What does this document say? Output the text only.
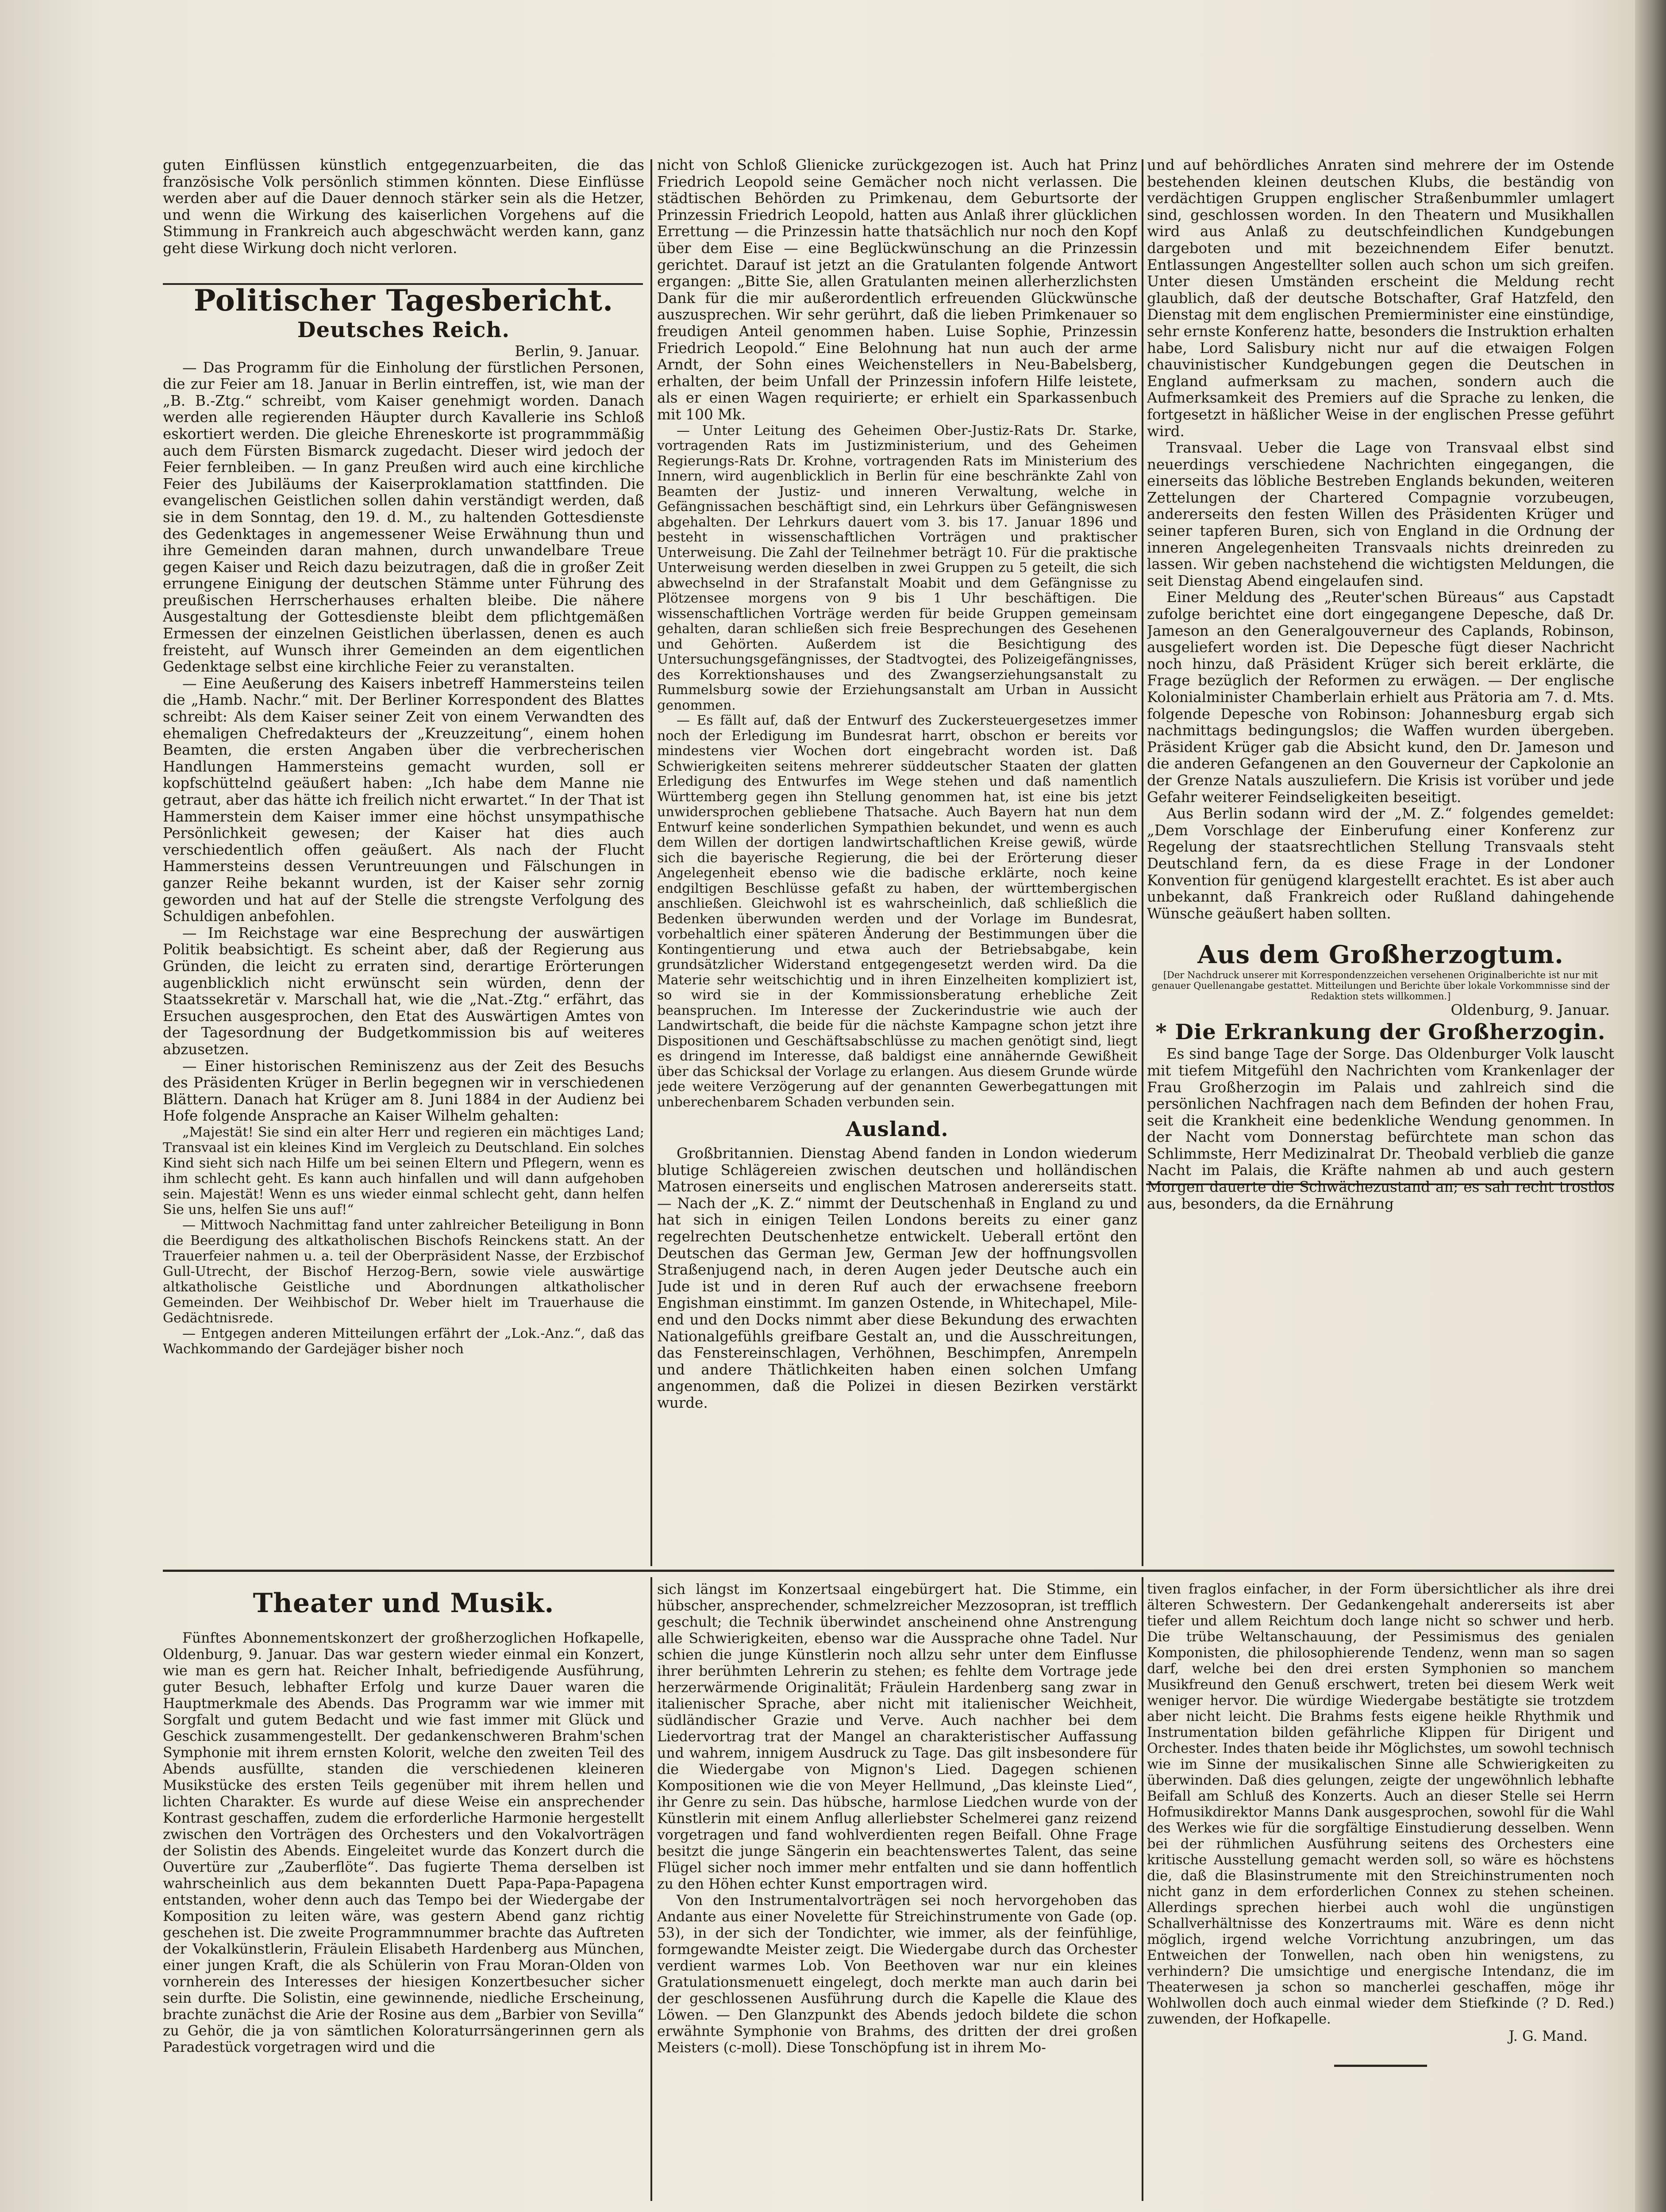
guten Einflüssen künstlich entgegenzuarbeiten, die das französische Volk persönlich stimmen könnten. Diese Einflüsse werden aber auf die Dauer dennoch stärker sein als die Hetzer, und wenn die Wirkung des kaiserlichen Vorgehens auf die Stimmung in Frankreich auch abgeschwächt werden kann, ganz geht diese Wirkung doch nicht verloren.

Politischer Tagesbericht.
Deutsches Reich.

Berlin, 9. Januar.

— Das Programm für die Einholung der fürstlichen Personen, die zur Feier am 18. Januar in Berlin eintreffen, ist, wie man der „B. B.-Ztg.“ schreibt, vom Kaiser genehmigt worden. Danach werden alle regierenden Häupter durch Kavallerie ins Schloß eskortiert werden. Die gleiche Ehreneskorte ist programmmäßig auch dem Fürsten Bismarck zugedacht. Dieser wird jedoch der Feier fernbleiben. — In ganz Preußen wird auch eine kirchliche Feier des Jubiläums der Kaiserproklamation stattfinden. Die evangelischen Geistlichen sollen dahin verständigt werden, daß sie in dem Sonntag, den 19. d. M., zu haltenden Gottesdienste des Gedenktages in angemessener Weise Erwähnung thun und ihre Gemeinden daran mahnen, durch unwandelbare Treue gegen Kaiser und Reich dazu beizutragen, daß die in großer Zeit errungene Einigung der deutschen Stämme unter Führung des preußischen Herrscherhauses erhalten bleibe. Die nähere Ausgestaltung der Gottesdienste bleibt dem pflichtgemäßen Ermessen der einzelnen Geistlichen überlassen, denen es auch freisteht, auf Wunsch ihrer Gemeinden an dem eigentlichen Gedenktage selbst eine kirchliche Feier zu veranstalten.

— Eine Aeußerung des Kaisers inbetreff Hammersteins teilen die „Hamb. Nachr.“ mit. Der Berliner Korrespondent des Blattes schreibt: Als dem Kaiser seiner Zeit von einem Verwandten des ehemaligen Chefredakteurs der „Kreuzzeitung“, einem hohen Beamten, die ersten Angaben über die verbrecherischen Handlungen Hammersteins gemacht wurden, soll er kopfschüttelnd geäußert haben: „Ich habe dem Manne nie getraut, aber das hätte ich freilich nicht erwartet.“ In der That ist Hammerstein dem Kaiser immer eine höchst unsympathische Persönlichkeit gewesen; der Kaiser hat dies auch verschiedentlich offen geäußert. Als nach der Flucht Hammersteins dessen Veruntreuungen und Fälschungen in ganzer Reihe bekannt wurden, ist der Kaiser sehr zornig geworden und hat auf der Stelle die strengste Verfolgung des Schuldigen anbefohlen.

— Im Reichstage war eine Besprechung der auswärtigen Politik beabsichtigt. Es scheint aber, daß der Regierung aus Gründen, die leicht zu erraten sind, derartige Erörterungen augenblicklich nicht erwünscht sein würden, denn der Staatssekretär v. Marschall hat, wie die „Nat.-Ztg.“ erfährt, das Ersuchen ausgesprochen, den Etat des Auswärtigen Amtes von der Tagesordnung der Budgetkommission bis auf weiteres abzusetzen.

— Einer historischen Reminiszenz aus der Zeit des Besuchs des Präsidenten Krüger in Berlin begegnen wir in verschiedenen Blättern. Danach hat Krüger am 8. Juni 1884 in der Audienz bei Hofe folgende Ansprache an Kaiser Wilhelm gehalten:

„Majestät! Sie sind ein alter Herr und regieren ein mächtiges Land; Transvaal ist ein kleines Kind im Vergleich zu Deutschland. Ein solches Kind sieht sich nach Hilfe um bei seinen Eltern und Pflegern, wenn es ihm schlecht geht. Es kann auch hinfallen und will dann aufgehoben sein. Majestät! Wenn es uns wieder einmal schlecht geht, dann helfen Sie uns, helfen Sie uns auf!“

— Mittwoch Nachmittag fand unter zahlreicher Beteiligung in Bonn die Beerdigung des altkatholischen Bischofs Reinckens statt. An der Trauerfeier nahmen u. a. teil der Oberpräsident Nasse, der Erzbischof Gull-Utrecht, der Bischof Herzog-Bern, sowie viele auswärtige altkatholische Geistliche und Abordnungen altkatholischer Gemeinden. Der Weihbischof Dr. Weber hielt im Trauerhause die Gedächtnisrede.

— Entgegen anderen Mitteilungen erfährt der „Lok.-Anz.“, daß das Wachkommando der Gardejäger bisher noch

nicht von Schloß Glienicke zurückgezogen ist. Auch hat Prinz Friedrich Leopold seine Gemächer noch nicht verlassen. Die städtischen Behörden zu Primkenau, dem Geburtsorte der Prinzessin Friedrich Leopold, hatten aus Anlaß ihrer glücklichen Errettung — die Prinzessin hatte thatsächlich nur noch den Kopf über dem Eise — eine Beglückwünschung an die Prinzessin gerichtet. Darauf ist jetzt an die Gratulanten folgende Antwort ergangen: „Bitte Sie, allen Gratulanten meinen allerherzlichsten Dank für die mir außerordentlich erfreuenden Glückwünsche auszusprechen. Wir sehr gerührt, daß die lieben Primkenauer so freudigen Anteil genommen haben. Luise Sophie, Prinzessin Friedrich Leopold.“ Eine Belohnung hat nun auch der arme Arndt, der Sohn eines Weichenstellers in Neu-Babelsberg, erhalten, der beim Unfall der Prinzessin infofern Hilfe leistete, als er einen Wagen requirierte; er erhielt ein Sparkassenbuch mit 100 Mk.

— Unter Leitung des Geheimen Ober-Justiz-Rats Dr. Starke, vortragenden Rats im Justizministerium, und des Geheimen Regierungs-Rats Dr. Krohne, vortragenden Rats im Ministerium des Innern, wird augenblicklich in Berlin für eine beschränkte Zahl von Beamten der Justiz- und inneren Verwaltung, welche in Gefängnissachen beschäftigt sind, ein Lehrkurs über Gefängniswesen abgehalten. Der Lehrkurs dauert vom 3. bis 17. Januar 1896 und besteht in wissenschaftlichen Vorträgen und praktischer Unterweisung. Die Zahl der Teilnehmer beträgt 10. Für die praktische Unterweisung werden dieselben in zwei Gruppen zu 5 geteilt, die sich abwechselnd in der Strafanstalt Moabit und dem Gefängnisse zu Plötzensee morgens von 9 bis 1 Uhr beschäftigen. Die wissenschaftlichen Vorträge werden für beide Gruppen gemeinsam gehalten, daran schließen sich freie Besprechungen des Gesehenen und Gehörten. Außerdem ist die Besichtigung des Untersuchungsgefängnisses, der Stadtvogtei, des Polizeigefängnisses, des Korrektionshauses und des Zwangserziehungsanstalt zu Rummelsburg sowie der Erziehungsanstalt am Urban in Aussicht genommen.

— Es fällt auf, daß der Entwurf des Zuckersteuergesetzes immer noch der Erledigung im Bundesrat harrt, obschon er bereits vor mindestens vier Wochen dort eingebracht worden ist. Daß Schwierigkeiten seitens mehrerer süddeutscher Staaten der glatten Erledigung des Entwurfes im Wege stehen und daß namentlich Württemberg gegen ihn Stellung genommen hat, ist eine bis jetzt unwidersprochen gebliebene Thatsache. Auch Bayern hat nun dem Entwurf keine sonderlichen Sympathien bekundet, und wenn es auch dem Willen der dortigen landwirtschaftlichen Kreise gewiß, würde sich die bayerische Regierung, die bei der Erörterung dieser Angelegenheit ebenso wie die badische erklärte, noch keine endgiltigen Beschlüsse gefaßt zu haben, der württembergischen anschließen. Gleichwohl ist es wahrscheinlich, daß schließlich die Bedenken überwunden werden und der Vorlage im Bundesrat, vorbehaltlich einer späteren Änderung der Bestimmungen über die Kontingentierung und etwa auch der Betriebsabgabe, kein grundsätzlicher Widerstand entgegengesetzt werden wird. Da die Materie sehr weitschichtig und in ihren Einzelheiten kompliziert ist, so wird sie in der Kommissionsberatung erhebliche Zeit beanspruchen. Im Interesse der Zuckerindustrie wie auch der Landwirtschaft, die beide für die nächste Kampagne schon jetzt ihre Dispositionen und Geschäftsabschlüsse zu machen genötigt sind, liegt es dringend im Interesse, daß baldigst eine annähernde Gewißheit über das Schicksal der Vorlage zu erlangen. Aus diesem Grunde würde jede weitere Verzögerung auf der genannten Gewerbegattungen mit unberechenbarem Schaden verbunden sein.

Ausland.

Großbritannien. Dienstag Abend fanden in London wiederum blutige Schlägereien zwischen deutschen und holländischen Matrosen einerseits und englischen Matrosen andererseits statt. — Nach der „K. Z.“ nimmt der Deutschenhaß in England zu und hat sich in einigen Teilen Londons bereits zu einer ganz regelrechten Deutschenhetze entwickelt. Ueberall ertönt den Deutschen das German Jew, German Jew der hoffnungsvollen Straßenjugend nach, in deren Augen jeder Deutsche auch ein Jude ist und in deren Ruf auch der erwachsene freeborn Engishman einstimmt. Im ganzen Ostende, in Whitechapel, Mile-end und den Docks nimmt aber diese Bekundung des erwachten Nationalgefühls greifbare Gestalt an, und die Ausschreitungen, das Fenstereinschlagen, Verhöhnen, Beschimpfen, Anrempeln und andere Thätlichkeiten haben einen solchen Umfang angenommen, daß die Polizei in diesen Bezirken verstärkt wurde.

und auf behördliches Anraten sind mehrere der im Ostende bestehenden kleinen deutschen Klubs, die beständig von verdächtigen Gruppen englischer Straßenbummler umlagert sind, geschlossen worden. In den Theatern und Musikhallen wird aus Anlaß zu deutschfeindlichen Kundgebungen dargeboten und mit bezeichnendem Eifer benutzt. Entlassungen Angestellter sollen auch schon um sich greifen. Unter diesen Umständen erscheint die Meldung recht glaublich, daß der deutsche Botschafter, Graf Hatzfeld, den Dienstag mit dem englischen Premierminister eine einstündige, sehr ernste Konferenz hatte, besonders die Instruktion erhalten habe, Lord Salisbury nicht nur auf die etwaigen Folgen chauvinistischer Kundgebungen gegen die Deutschen in England aufmerksam zu machen, sondern auch die Aufmerksamkeit des Premiers auf die Sprache zu lenken, die fortgesetzt in häßlicher Weise in der englischen Presse geführt wird.

Transvaal. Ueber die Lage von Transvaal elbst sind neuerdings verschiedene Nachrichten eingegangen, die einerseits das löbliche Bestreben Englands bekunden, weiteren Zettelungen der Chartered Compagnie vorzubeugen, andererseits den festen Willen des Präsidenten Krüger und seiner tapferen Buren, sich von England in die Ordnung der inneren Angelegenheiten Transvaals nichts dreinreden zu lassen. Wir geben nachstehend die wichtigsten Meldungen, die seit Dienstag Abend eingelaufen sind.

Einer Meldung des „Reuter'schen Büreaus“ aus Capstadt zufolge berichtet eine dort eingegangene Depesche, daß Dr. Jameson an den Generalgouverneur des Caplands, Robinson, ausgeliefert worden ist. Die Depesche fügt dieser Nachricht noch hinzu, daß Präsident Krüger sich bereit erklärte, die Frage bezüglich der Reformen zu erwägen. — Der englische Kolonialminister Chamberlain erhielt aus Prätoria am 7. d. Mts. folgende Depesche von Robinson: Johannesburg ergab sich nachmittags bedingungslos; die Waffen wurden übergeben. Präsident Krüger gab die Absicht kund, den Dr. Jameson und die anderen Gefangenen an den Gouverneur der Capkolonie an der Grenze Natals auszuliefern. Die Krisis ist vorüber und jede Gefahr weiterer Feindseligkeiten beseitigt.

Aus Berlin sodann wird der „M. Z.“ folgendes gemeldet: „Dem Vorschlage der Einberufung einer Konferenz zur Regelung der staatsrechtlichen Stellung Transvaals steht Deutschland fern, da es diese Frage in der Londoner Konvention für genügend klargestellt erachtet. Es ist aber auch unbekannt, daß Frankreich oder Rußland dahingehende Wünsche geäußert haben sollten.

Aus dem Großherzogtum.

[Der Nachdruck unserer mit Korrespondenzzeichen versehenen Originalberichte ist nur mit genauer Quellenangabe gestattet. Mitteilungen und Berichte über lokale Vorkommnisse sind der Redaktion stets willkommen.]

Oldenburg, 9. Januar.

* Die Erkrankung der Großherzogin.

Es sind bange Tage der Sorge. Das Oldenburger Volk lauscht mit tiefem Mitgefühl den Nachrichten vom Krankenlager der Frau Großherzogin im Palais und zahlreich sind die persönlichen Nachfragen nach dem Befinden der hohen Frau, seit die Krankheit eine bedenkliche Wendung genommen. In der Nacht vom Donnerstag befürchtete man schon das Schlimmste, Herr Medizinalrat Dr. Theobald verblieb die ganze Nacht im Palais, die Kräfte nahmen ab und auch gestern Morgen dauerte die Schwächezustand an; es sah recht trostlos aus, besonders, da die Ernährung

Theater und Musik.

Fünftes Abonnementskonzert der großherzoglichen Hofkapelle, Oldenburg, 9. Januar. Das war gestern wieder einmal ein Konzert, wie man es gern hat. Reicher Inhalt, befriedigende Ausführung, guter Besuch, lebhafter Erfolg und kurze Dauer waren die Hauptmerkmale des Abends. Das Programm war wie immer mit Sorgfalt und gutem Bedacht und wie fast immer mit Glück und Geschick zusammengestellt. Der gedankenschweren Brahm'schen Symphonie mit ihrem ernsten Kolorit, welche den zweiten Teil des Abends ausfüllte, standen die verschiedenen kleineren Musikstücke des ersten Teils gegenüber mit ihrem hellen und lichten Charakter. Es wurde auf diese Weise ein ansprechender Kontrast geschaffen, zudem die erforderliche Harmonie hergestellt zwischen den Vorträgen des Orchesters und den Vokalvorträgen der Solistin des Abends. Eingeleitet wurde das Konzert durch die Ouvertüre zur „Zauberflöte“. Das fugierte Thema derselben ist wahrscheinlich aus dem bekannten Duett Papa-Papa-Papagena entstanden, woher denn auch das Tempo bei der Wiedergabe der Komposition zu leiten wäre, was gestern Abend ganz richtig geschehen ist. Die zweite Programmnummer brachte das Auftreten der Vokalkünstlerin, Fräulein Elisabeth Hardenberg aus München, einer jungen Kraft, die als Schülerin von Frau Moran-Olden von vornherein des Interesses der hiesigen Konzertbesucher sicher sein durfte. Die Solistin, eine gewinnende, niedliche Erscheinung, brachte zunächst die Arie der Rosine aus dem „Barbier von Sevilla“ zu Gehör, die ja von sämtlichen Koloraturrsängerinnen gern als Paradestück vorgetragen wird und die

sich längst im Konzertsaal eingebürgert hat. Die Stimme, ein hübscher, ansprechender, schmelzreicher Mezzosopran, ist trefflich geschult; die Technik überwindet anscheinend ohne Anstrengung alle Schwierigkeiten, ebenso war die Aussprache ohne Tadel. Nur schien die junge Künstlerin noch allzu sehr unter dem Einflusse ihrer berühmten Lehrerin zu stehen; es fehlte dem Vortrage jede herzerwärmende Originalität; Fräulein Hardenberg sang zwar in italienischer Sprache, aber nicht mit italienischer Weichheit, südländischer Grazie und Verve. Auch nachher bei dem Liedervortrag trat der Mangel an charakteristischer Auffassung und wahrem, innigem Ausdruck zu Tage. Das gilt insbesondere für die Wiedergabe von Mignon's Lied. Dagegen schienen Kompositionen wie die von Meyer Hellmund, „Das kleinste Lied“, ihr Genre zu sein. Das hübsche, harmlose Liedchen wurde von der Künstlerin mit einem Anflug allerliebster Schelmerei ganz reizend vorgetragen und fand wohlverdienten regen Beifall. Ohne Frage besitzt die junge Sängerin ein beachtenswertes Talent, das seine Flügel sicher noch immer mehr entfalten und sie dann hoffentlich zu den Höhen echter Kunst emportragen wird.

Von den Instrumentalvorträgen sei noch hervorgehoben das Andante aus einer Novelette für Streichinstrumente von Gade (op. 53), in der sich der Tondichter, wie immer, als der feinfühlige, formgewandte Meister zeigt. Die Wiedergabe durch das Orchester verdient warmes Lob. Von Beethoven war nur ein kleines Gratulationsmenuett eingelegt, doch merkte man auch darin bei der geschlossenen Ausführung durch die Kapelle die Klaue des Löwen. — Den Glanzpunkt des Abends jedoch bildete die schon erwähnte Symphonie von Brahms, des dritten der drei großen Meisters (c-moll). Diese Tonschöpfung ist in ihrem Mo-

tiven fraglos einfacher, in der Form übersichtlicher als ihre drei älteren Schwestern. Der Gedankengehalt andererseits ist aber tiefer und allem Reichtum doch lange nicht so schwer und herb. Die trübe Weltanschauung, der Pessimismus des genialen Komponisten, die philosophierende Tendenz, wenn man so sagen darf, welche bei den drei ersten Symphonien so manchem Musikfreund den Genuß erschwert, treten bei diesem Werk weit weniger hervor. Die würdige Wiedergabe bestätigte sie trotzdem aber nicht leicht. Die Brahms fests eigene heikle Rhythmik und Instrumentation bilden gefährliche Klippen für Dirigent und Orchester. Indes thaten beide ihr Möglichstes, um sowohl technisch wie im Sinne der musikalischen Sinne alle Schwierigkeiten zu überwinden. Daß dies gelungen, zeigte der ungewöhnlich lebhafte Beifall am Schluß des Konzerts. Auch an dieser Stelle sei Herrn Hofmusikdirektor Manns Dank ausgesprochen, sowohl für die Wahl des Werkes wie für die sorgfältige Einstudierung desselben. Wenn bei der rühmlichen Ausführung seitens des Orchesters eine kritische Ausstellung gemacht werden soll, so wäre es höchstens die, daß die Blasinstrumente mit den Streichinstrumenten noch nicht ganz in dem erforderlichen Connex zu stehen scheinen. Allerdings sprechen hierbei auch wohl die ungünstigen Schallverhältnisse des Konzertraums mit. Wäre es denn nicht möglich, irgend welche Vorrichtung anzubringen, um das Entweichen der Tonwellen, nach oben hin wenigstens, zu verhindern? Die umsichtige und energische Intendanz, die im Theaterwesen ja schon so mancherlei geschaffen, möge ihr Wohlwollen doch auch einmal wieder dem Stiefkinde (? D. Red.) zuwenden, der Hofkapelle.

J. G. Mand.
